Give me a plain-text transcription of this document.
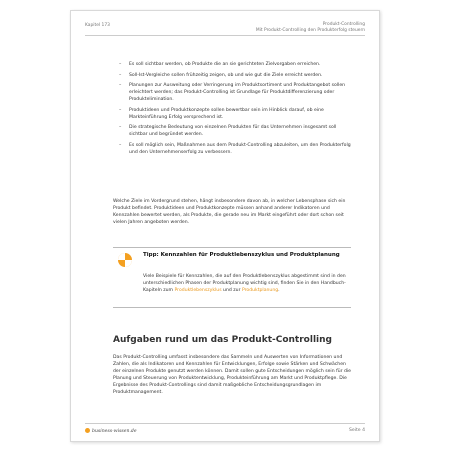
Kapitel 173	Produkt-Controlling
Mit Produkt-Controlling den Produkterfolg steuern
– Es soll sichtbar werden, ob Produkte die an sie gerichteten Zielvorgaben erreichen.
– Soll-Ist-Vergleiche sollen frühzeitig zeigen, ob und wie gut die Ziele erreicht werden.
– Planungen zur Ausweitung oder Verringerung im Produktsortiment und Produktangebot sollen erleichtert werden; das Produkt-Controlling ist Grundlage für Produktdifferenzierung oder Produktelimination.
– Produktideen und Produktkonzepte sollen bewertbar sein im Hinblick darauf, ob eine Markteinführung Erfolg versprechend ist.
– Die strategische Bedeutung von einzelnen Produkten für das Unternehmen insgesamt soll sichtbar und begründet werden.
– Es soll möglich sein, Maßnahmen aus dem Produkt-Controlling abzuleiten, um den Produkterfolg und den Unternehmenserfolg zu verbessern.

Welche Ziele im Vordergrund stehen, hängt insbesondere davon ab, in welcher Lebensphase sich ein Produkt befindet. Produktideen und Produktkonzepte müssen anhand anderer Indikatoren und Kennzahlen bewertet werden, als Produkte, die gerade neu im Markt eingeführt oder dort schon seit vielen Jahren angeboten werden.

Tipp: Kennzahlen für Produktlebenszyklus und Produktplanung

Viele Beispiele für Kennzahlen, die auf den Produktlebenszyklus abgestimmt sind in den unterschiedlichen Phasen der Produktplanung wichtig sind, finden Sie in den Handbuch-Kapiteln zum Produktlebenszyklus und zur Produktplanung.

Aufgaben rund um das Produkt-Controlling

Das Produkt-Controlling umfasst insbesondere das Sammeln und Auswerten von Informationen und Zahlen, die als Indikatoren und Kennzahlen für Entwicklungen, Erfolge sowie Stärken und Schwächen der einzelnen Produkte genutzt werden können. Damit sollen gute Entscheidungen möglich sein für die Planung und Steuerung von Produktentwicklung, Produkteinführung am Markt und Produktpflege. Die Ergebnisse des Produkt-Controllings sind damit maßgebliche Entscheidungsgrundlagen im Produktmanagement.

business-wissen.de	Seite 4
